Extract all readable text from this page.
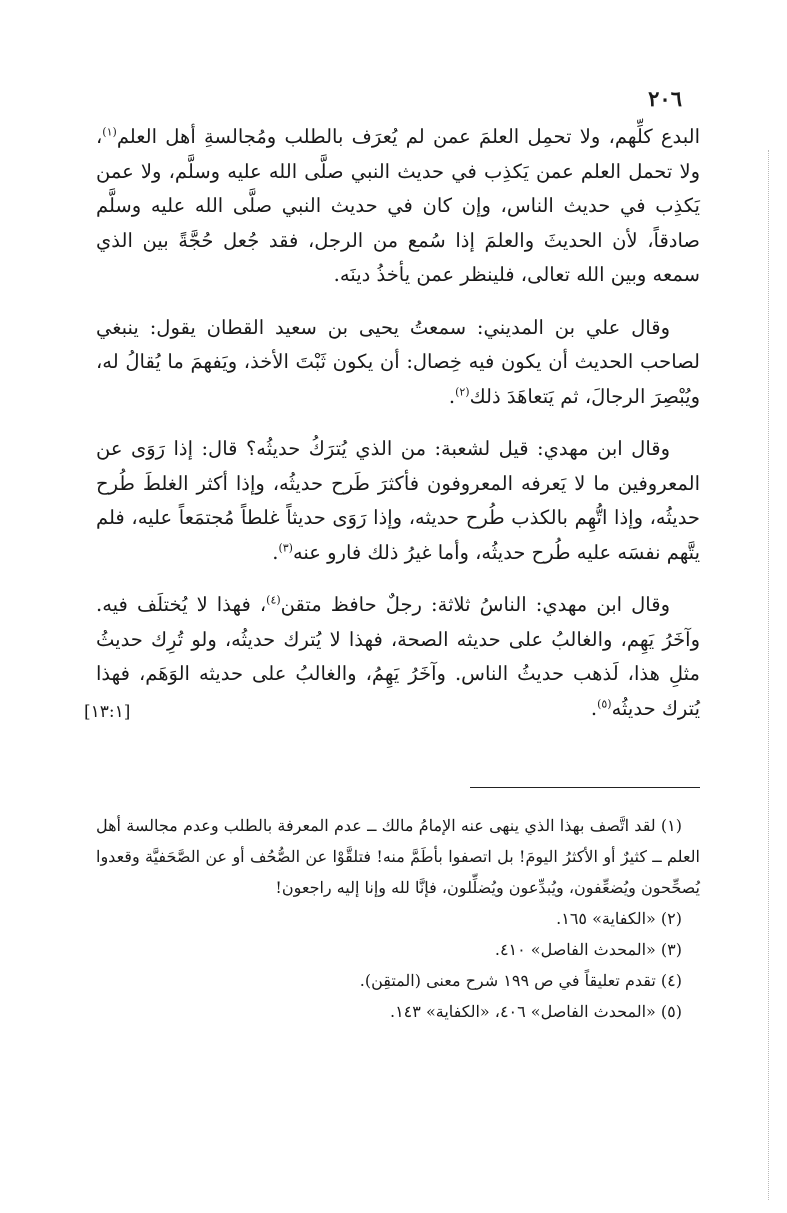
٢٠٦

البدع كلِّهم، ولا تحمِل العلمَ عمن لم يُعرَف بالطلب ومُجالسةِ أهل العلم$^{(١)}$، ولا تحمل العلم عمن يَكذِب في حديث النبي صلَّى الله عليه وسلَّم، ولا عمن يَكذِب في حديث الناس، وإن كان في حديث النبي صلَّى الله عليه وسلَّم صادقاً، لأن الحديثَ والعلمَ إذا سُمع من الرجل، فقد جُعل حُجَّةً بين الذي سمعه وبين الله تعالى، فلينظر عمن يأخذُ دينَه.

وقال علي بن المديني: سمعتُ يحيى بن سعيد القطان يقول: ينبغي لصاحب الحديث أن يكون فيه خِصال: أن يكون ثَبْتَ الأخذ، ويَفهمَ ما يُقالُ له، ويُبْصِرَ الرجالَ، ثم يَتعاهَدَ ذلك$^{(٢)}$.

وقال ابن مهدي: قيل لشعبة: من الذي يُترَكُ حديثُه؟ قال: إذا رَوَى عن المعروفين ما لا يَعرفه المعروفون فأكثرَ طَرح حديثُه، وإذا أكثر الغلطَ طُرح حديثُه، وإذا اتُّهِم بالكذب طُرح حديثه، وإذا رَوَى حديثاً غلطاً مُجتمَعاً عليه، فلم يتَّهم نفسَه عليه طُرح حديثُه، وأما غيرُ ذلك فارو عنه$^{(٣)}$.

وقال ابن مهدي: الناسُ ثلاثة: رجلٌ حافظ متقن$^{(٤)}$، فهذا لا يُختلَف فيه. وآخَرُ يَهِم، والغالبُ على حديثه الصحة، فهذا لا يُترك حديثُه، ولو تُرِك حديثُ مثلِ هذا، لَذهب حديثُ الناس. وآخَرُ يَهِمُ، والغالبُ على حديثه الوَهَم، فهذا يُترك حديثُه$^{(٥)}$.

[١٣:١]

(١) لقد اتَّصف بهذا الذي ينهى عنه الإمامُ مالك ــ عدم المعرفة بالطلب وعدم مجالسة أهل العلم ــ كثيرٌ أو الأكثرُ اليومَ! بل اتصفوا بأطَمَّ منه! فتلقَّوْا عن الصُّحُف أو عن الصَّحَفيَّة وقعدوا يُصحِّحون ويُضعِّفون، ويُبدِّعون ويُضلِّلون، فإنَّا لله وإنا إليه راجعون!

(٢) «الكفاية» ١٦٥.

(٣) «المحدث الفاصل» ٤١٠.

(٤) تقدم تعليقاً في ص ١٩٩ شرح معنى (المتقِن).

(٥) «المحدث الفاصل» ٤٠٦، «الكفاية» ١٤٣.
